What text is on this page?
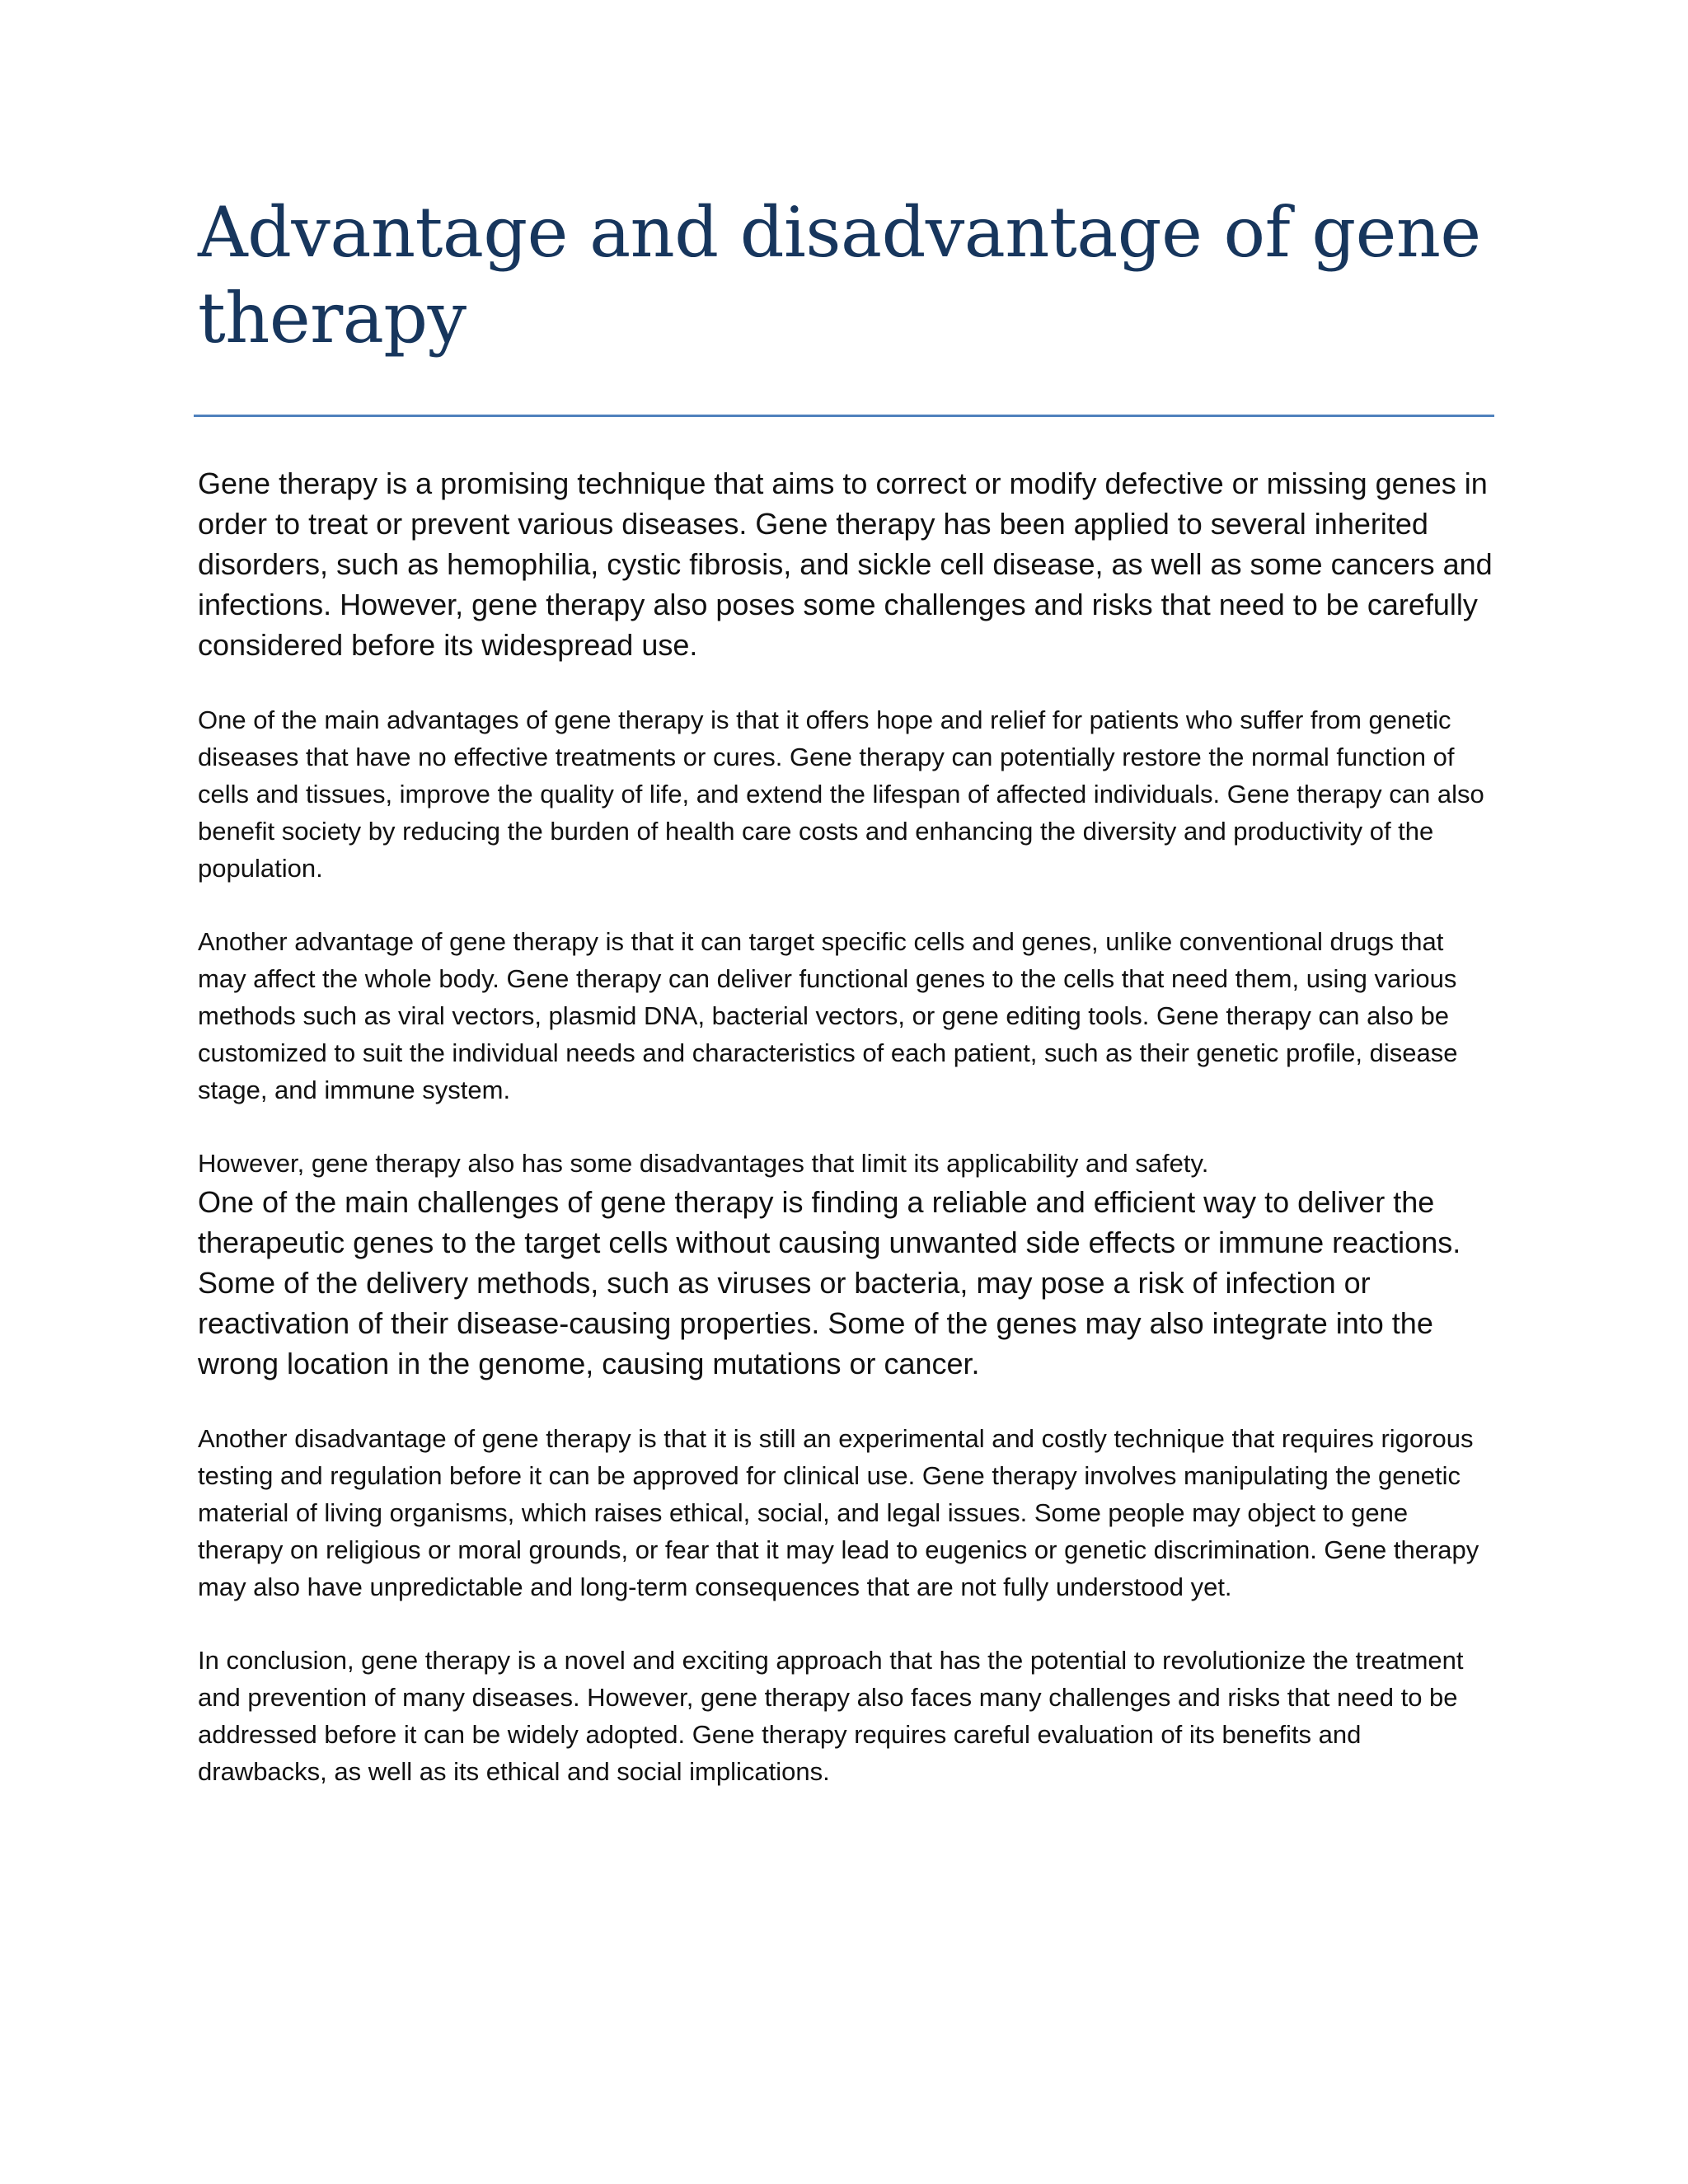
Advantage and disadvantage of gene therapy

Gene therapy is a promising technique that aims to correct or modify defective or missing genes in order to treat or prevent various diseases. Gene therapy has been applied to several inherited disorders, such as hemophilia, cystic fibrosis, and sickle cell disease, as well as some cancers and infections. However, gene therapy also poses some challenges and risks that need to be carefully considered before its widespread use.

One of the main advantages of gene therapy is that it offers hope and relief for patients who suffer from genetic diseases that have no effective treatments or cures. Gene therapy can potentially restore the normal function of cells and tissues, improve the quality of life, and extend the lifespan of affected individuals. Gene therapy can also benefit society by reducing the burden of health care costs and enhancing the diversity and productivity of the population.

Another advantage of gene therapy is that it can target specific cells and genes, unlike conventional drugs that may affect the whole body. Gene therapy can deliver functional genes to the cells that need them, using various methods such as viral vectors, plasmid DNA, bacterial vectors, or gene editing tools. Gene therapy can also be customized to suit the individual needs and characteristics of each patient, such as their genetic profile, disease stage, and immune system.

However, gene therapy also has some disadvantages that limit its applicability and safety.

One of the main challenges of gene therapy is finding a reliable and efficient way to deliver the therapeutic genes to the target cells without causing unwanted side effects or immune reactions. Some of the delivery methods, such as viruses or bacteria, may pose a risk of infection or reactivation of their disease-causing properties. Some of the genes may also integrate into the wrong location in the genome, causing mutations or cancer.

Another disadvantage of gene therapy is that it is still an experimental and costly technique that requires rigorous testing and regulation before it can be approved for clinical use. Gene therapy involves manipulating the genetic material of living organisms, which raises ethical, social, and legal issues. Some people may object to gene therapy on religious or moral grounds, or fear that it may lead to eugenics or genetic discrimination. Gene therapy may also have unpredictable and long-term consequences that are not fully understood yet.

In conclusion, gene therapy is a novel and exciting approach that has the potential to revolutionize the treatment and prevention of many diseases. However, gene therapy also faces many challenges and risks that need to be addressed before it can be widely adopted. Gene therapy requires careful evaluation of its benefits and drawbacks, as well as its ethical and social implications.
